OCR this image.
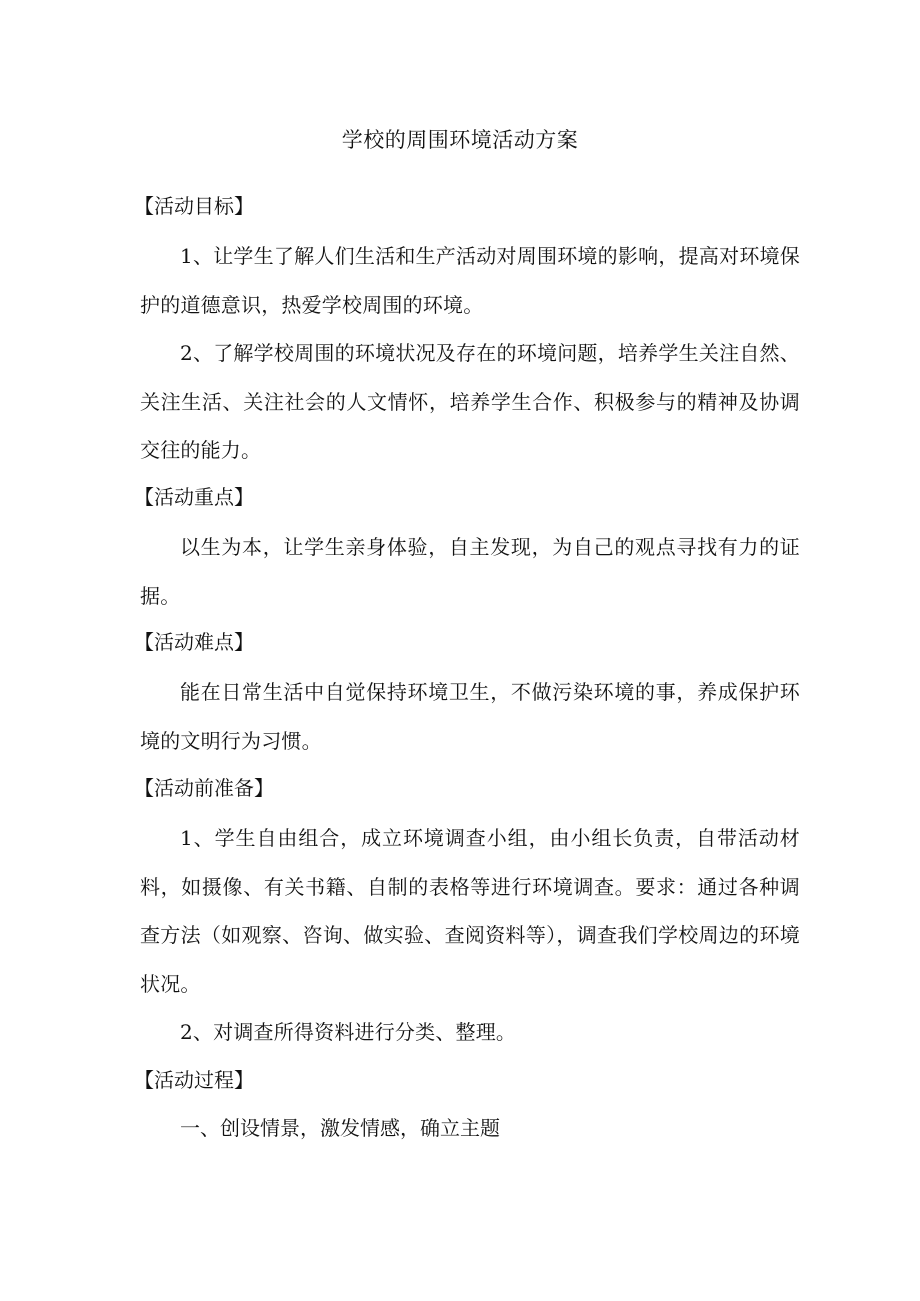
学校的周围环境活动方案
【活动目标】
1、让学生了解人们生活和生产活动对周围环境的影响，提高对环境保护的道德意识，热爱学校周围的环境。
2、了解学校周围的环境状况及存在的环境问题，培养学生关注自然、关注生活、关注社会的人文情怀，培养学生合作、积极参与的精神及协调交往的能力。
【活动重点】
以生为本，让学生亲身体验，自主发现，为自己的观点寻找有力的证据。
【活动难点】
能在日常生活中自觉保持环境卫生，不做污染环境的事，养成保护环境的文明行为习惯。
【活动前准备】
1、学生自由组合，成立环境调查小组，由小组长负责，自带活动材料，如摄像、有关书籍、自制的表格等进行环境调查。要求：通过各种调查方法（如观察、咨询、做实验、查阅资料等），调查我们学校周边的环境状况。
2、对调查所得资料进行分类、整理。
【活动过程】
一、创设情景，激发情感，确立主题
